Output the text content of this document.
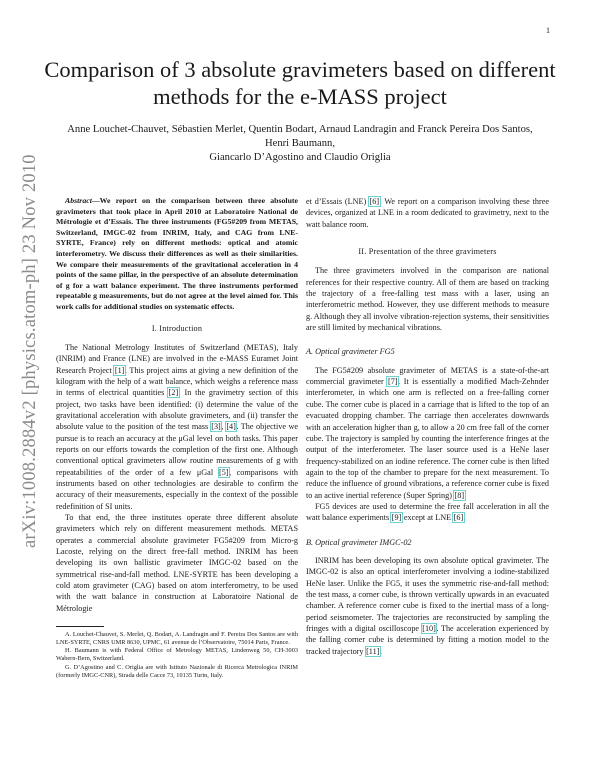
1
arXiv:1008.2884v2 [physics.atom-ph] 23 Nov 2010
Comparison of 3 absolute gravimeters based on different methods for the e-MASS project
Anne Louchet-Chauvet, Sébastien Merlet, Quentin Bodart, Arnaud Landragin and Franck Pereira Dos Santos,
Henri Baumann,
Giancarlo D’Agostino and Claudio Origlia

Abstract—We report on the comparison between three absolute gravimeters that took place in April 2010 at Laboratoire National de Métrologie et d’Essais. The three instruments (FG5#209 from METAS, Switzerland, IMGC-02 from INRIM, Italy, and CAG from LNE-SYRTE, France) rely on different methods: optical and atomic interferometry. We discuss their differences as well as their similarities. We compare their measurements of the gravitational acceleration in 4 points of the same pillar, in the perspective of an absolute determination of g for a watt balance experiment. The three instruments performed repeatable g measurements, but do not agree at the level aimed for. This work calls for additional studies on systematic effects.

I. Introduction

The National Metrology Institutes of Switzerland (METAS), Italy (INRIM) and France (LNE) are involved in the e-MASS Euramet Joint Research Project [1]. This project aims at giving a new definition of the kilogram with the help of a watt balance, which weighs a reference mass in terms of electrical quantities [2]. In the gravimetry section of this project, two tasks have been identified: (i) determine the value of the gravitational acceleration with absolute gravimeters, and (ii) transfer the absolute value to the position of the test mass [3], [4]. The objective we pursue is to reach an accuracy at the μGal level on both tasks. This paper reports on our efforts towards the completion of the first one. Although conventional optical gravimeters allow routine measurements of g with repeatabilities of the order of a few μGal [5], comparisons with instruments based on other technologies are desirable to confirm the accuracy of their measurements, especially in the context of the possible redefinition of SI units.

To that end, the three institutes operate three different absolute gravimeters which rely on different measurement methods. METAS operates a commercial absolute gravimeter FG5#209 from Micro-g Lacoste, relying on the direct free-fall method. INRIM has been developing its own ballistic gravimeter IMGC-02 based on the symmetrical rise-and-fall method. LNE-SYRTE has been developing a cold atom gravimeter (CAG) based on atom interferometry, to be used with the watt balance in construction at Laboratoire National de Métrologie

A. Louchet-Chauvet, S. Merlet, Q. Bodart, A. Landragin and F. Pereira Dos Santos are with LNE-SYRTE, CNRS UMR 8630, UPMC, 61 avenue de l’Observatoire, 75014 Paris, France.

H. Baumann is with Federal Office of Metrology METAS, Lindenweg 50, CH-3003 Wabern-Bern, Switzerland.

G. D’Agostino and C. Origlia are with Istituto Nazionale di Ricerca Metrologica INRIM (formerly IMGC-CNR), Strada delle Cacce 73, 10135 Turin, Italy.

et d’Essais (LNE) [6]. We report on a comparison involving these three devices, organized at LNE in a room dedicated to gravimetry, next to the watt balance room.

II. Presentation of the three gravimeters

The three gravimeters involved in the comparison are national references for their respective country. All of them are based on tracking the trajectory of a free-falling test mass with a laser, using an interferometric method. However, they use different methods to measure g. Although they all involve vibration-rejection systems, their sensitivities are still limited by mechanical vibrations.

A. Optical gravimeter FG5

The FG5#209 absolute gravimeter of METAS is a state-of-the-art commercial gravimeter [7]. It is essentially a modified Mach-Zehnder interferometer, in which one arm is reflected on a free-falling corner cube. The corner cube is placed in a carriage that is lifted to the top of an evacuated dropping chamber. The carriage then accelerates downwards with an acceleration higher than g, to allow a 20 cm free fall of the corner cube. The trajectory is sampled by counting the interference fringes at the output of the interferometer. The laser source used is a HeNe laser frequency-stabilized on an iodine reference. The corner cube is then lifted again to the top of the chamber to prepare for the next measurement. To reduce the influence of ground vibrations, a reference corner cube is fixed to an active inertial reference (Super Spring) [8].

FG5 devices are used to determine the free fall acceleration in all the watt balance experiments [9] except at LNE [6].

B. Optical gravimeter IMGC-02

INRIM has been developing its own absolute optical gravimeter. The IMGC-02 is also an optical interferometer involving a iodine-stabilized HeNe laser. Unlike the FG5, it uses the symmetric rise-and-fall method: the test mass, a corner cube, is thrown vertically upwards in an evacuated chamber. A reference corner cube is fixed to the inertial mass of a long-period seismometer. The trajectories are reconstructed by sampling the fringes with a digital oscilloscope [10]. The acceleration experienced by the falling corner cube is determined by fitting a motion model to the tracked trajectory [11].
